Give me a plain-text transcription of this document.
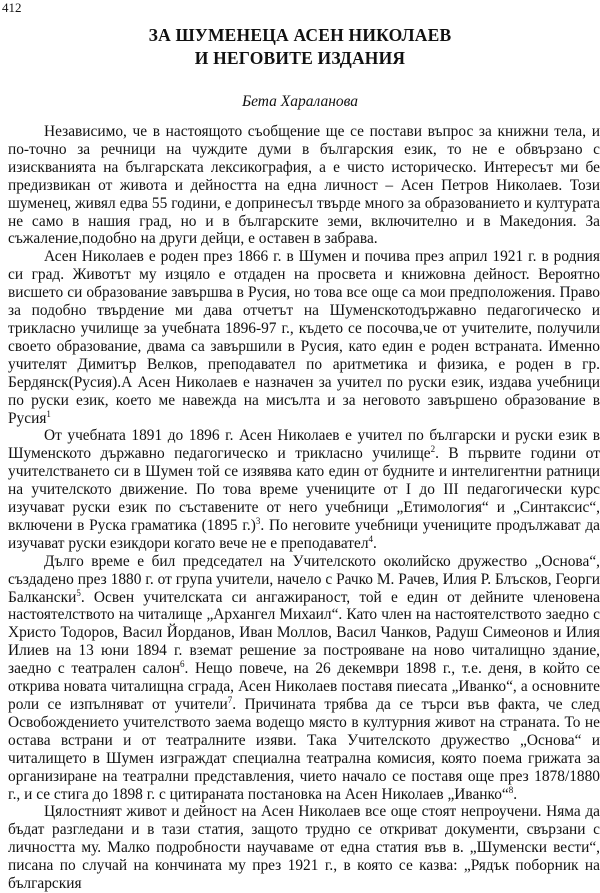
412
ЗА ШУМЕНЕЦА АСЕН НИКОЛАЕВ
И НЕГОВИТЕ ИЗДАНИЯ
Бета Хараланова

Независимо, че в настоящото съобщение ще се постави въпрос за книжни тела, и по-точно за речници на чуждите думи в българския език, то не е обвързано с изискванията на българската лексикография, а е чисто историческо. Интересът ми бе предизвикан от живота и дейността на една личност – Асен Петров Николаев. Този шуменец, живял едва 55 години, е допринесъл твърде много за образованието и културата не само в нашия град, но и в българските земи, включително и в Македония. За съжаление,подобно на други дейци, е оставен в забрава.

Асен Николаев е роден през 1866 г. в Шумен и почива през април 1921 г. в родния си град. Животът му изцяло е отдаден на просвета и книжовна дейност. Вероятно висшето си образование завършва в Русия, но това все още са мои предположения. Право за подобно твърдение ми дава отчетът на Шуменскотодържавно педагогическо и трикласно училище за учебната 1896-97 г., където се посочва,че от учителите, получили своето образование, двама са завършили в Русия, като един е роден встраната. Именно учителят Димитър Велков, преподавател по аритметика и физика, е роден в гр. Бердянск(Русия).А Асен Николаев е назначен за учител по руски език, издава учебници по руски език, което ме навежда на мисълта и за неговото завършено образование в Русия$^1$

От учебната 1891 до 1896 г. Асен Николаев е учител по български и руски език в Шуменското държавно педагогическо и трикласно училище$^2$. В първите години от учителстването си в Шумен той се изявява като един от будните и интелигентни ратници на учителското движение. По това време учениците от I до III педагогически курс изучават руски език по съставените от него учебници „Етимология“ и „Синтаксис“, включени в Руска граматика (1895 г.)$^3$. По неговите учебници учениците продължават да изучават руски езикдори когато вече не е преподавател$^4$.

Дълго време е бил председател на Учителското околийско дружество „Основа“, създадено през 1880 г. от група учители, начело с Рачко М. Рачев, Илия Р. Блъсков, Георги Балкански$^5$. Освен учителската си ангажираност, той е един от дейните членовена настоятелството на читалище „Архангел Михаил“. Като член на настоятелството заедно с Христо Тодоров, Васил Йорданов, Иван Моллов, Васил Чанков, Радуш Симеонов и Илия Илиев на 13 юни 1894 г. вземат решение за построяване на ново читалищно здание, заедно с театрален салон$^6$. Нещо повече, на 26 декември 1898 г., т.е. деня, в който се открива новата читалищна сграда, Асен Николаев поставя пиесата „Иванко“, а основните роли се изпълняват от учители$^7$. Причината трябва да се търси във факта, че след Освобождението учителството заема водещо място в културния живот на страната. То не остава встрани и от театралните изяви. Така Учителското дружество „Основа“ и читалището в Шумен изграждат специална театрална комисия, която поема грижата за организиране на театрални представления, чието начало се поставя още през 1878/1880 г., и се стига до 1898 г. с цитираната постановка на Асен Николаев „Иванко“$^8$.

Цялостният живот и дейност на Асен Николаев все още стоят непроучени. Няма да бъдат разгледани и в тази статия, защото трудно се откриват документи, свързани с личността му. Малко подробности научаваме от една статия във в. „Шуменски вести“, писана по случай на кончината му през 1921 г., в която се казва: „Рядък поборник на българския
